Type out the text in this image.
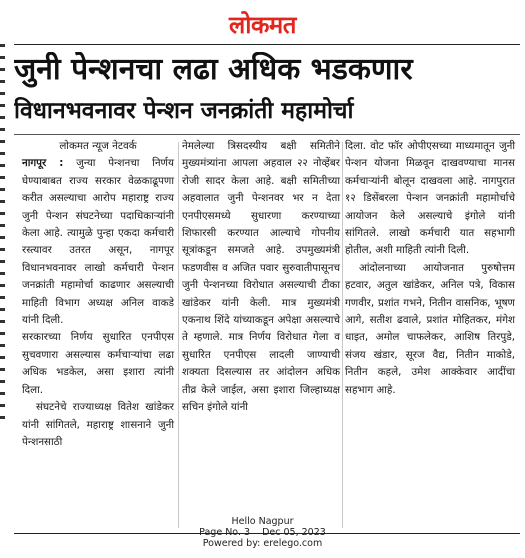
लोकमत
जुनी पेन्शनचा लढा अधिक भडकणार
विधानभवनावर पेन्शन जनक्रांती महामोर्चा

लोकमत न्यूज नेटवर्क

नागपूर : जुन्या पेन्शनचा निर्णय घेण्याबाबत राज्य सरकार वेळकाढूपणा करीत असल्याचा आरोप महाराष्ट्र राज्य जुनी पेन्शन संघटनेच्या पदाधिकाऱ्यांनी केला आहे. त्यामुळे पुन्हा एकदा कर्मचारी रस्त्यावर उतरत असून, नागपूर विधानभवनावर लाखो कर्मचारी पेन्शन जनक्रांती महामोर्चा काढणार असल्याची माहिती विभाग अध्यक्ष अनिल वाकडे यांनी दिली.

सरकारच्या निर्णय सुधारित एनपीएस सुचवणारा असल्यास कर्मचाऱ्यांचा लढा अधिक भडकेल, असा इशारा त्यांनी दिला.

संघटनेचे राज्याध्यक्ष वितेश खांडेकर यांनी सांगितले, महाराष्ट्र शासनाने जुनी पेन्शनसाठी

नेमलेल्या त्रिसदस्यीय बक्षी समितीने मुख्यमंत्र्यांना आपला अहवाल २२ नोव्हेंबर रोजी सादर केला आहे. बक्षी समितीच्या अहवालात जुनी पेन्शनवर भर न देता एनपीएसमध्ये सुधारणा करण्याच्या शिफारसी करण्यात आल्याचे गोपनीय सूत्रांकडून समजते आहे. उपमुख्यमंत्री फडणवीस व अजित पवार सुरुवातीपासूनच जुनी पेन्शनच्या विरोधात असल्याची टीका खांडेकर यांनी केली. मात्र मुख्यमंत्री एकनाथ शिंदे यांच्याकडून अपेक्षा असल्याचे ते म्हणाले. मात्र निर्णय विरोधात गेला व सुधारित एनपीएस लादली जाण्याची शक्यता दिसल्यास तर आंदोलन अधिक तीव्र केले जाईल, असा इशारा जिल्हाध्यक्ष सचिन इंगोले यांनी

दिला. वोट फॉर ओपीएसच्या माध्यमातून जुनी पेन्शन योजना मिळवून दाखवण्याचा मानस कर्मचाऱ्यांनी बोलून दाखवला आहे. नागपुरात १२ डिसेंबरला पेन्शन जनक्रांती महामोर्चाचे आयोजन केले असल्याचे इंगोले यांनी सांगितले. लाखो कर्मचारी यात सहभागी होतील, अशी माहिती त्यांनी दिली.

आंदोलनाच्या आयोजनात पुरुषोत्तम हटवार, अतुल खांडेकर, अनिल पत्रे, विकास गणवीर, प्रशांत गभने, नितीन वासनिक, भूषण आगे, सतीश ढवाले, प्रशांत मोहितकर, मंगेश धाइत, अमोल चाफलेकर, आशिष तिरपुडे, संजय खंडार, सूरज वैद्य, नितीन माकोडे, नितीन कहले, उमेश आक्केवार आदींचा सहभाग आहे.

Hello Nagpur
Page No. 3    Dec 05, 2023
Powered by: erelego.com
